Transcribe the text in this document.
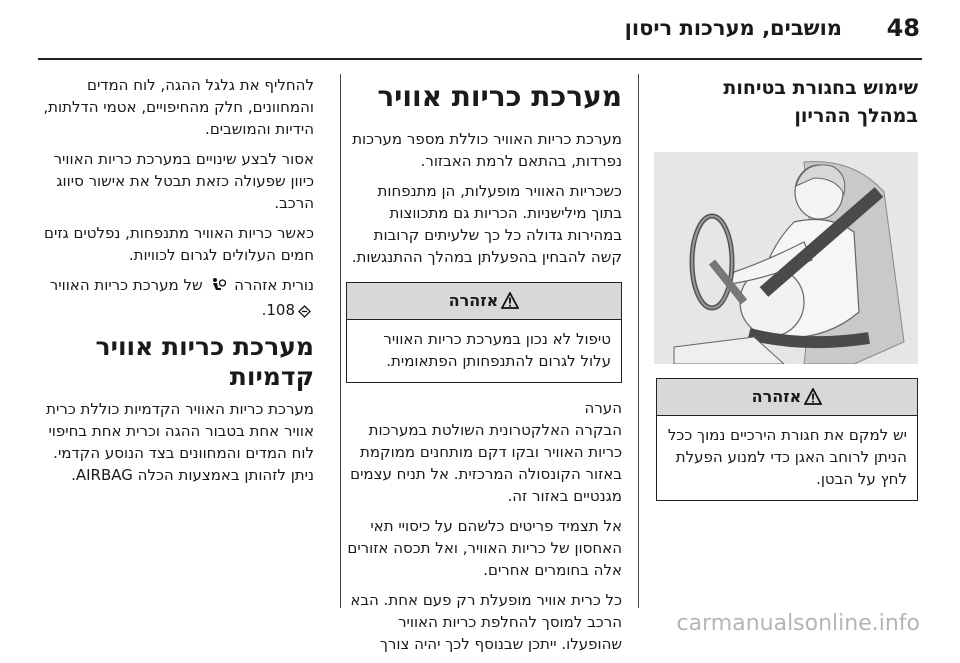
48
מושבים, מערכות ריסון
שימוש בחגורת בטיחות במהלך ההריון
אזהרה
יש למקם את חגורת הירכיים נמוך ככל הניתן לרוחב האגן כדי למנוע הפעלת לחץ על הבטן.
מערכת כריות אוויר

מערכת כריות האוויר כוללת מספר מערכות נפרדות, בהתאם לרמת האבזור.

כשכריות האוויר מופעלות, הן מתנפחות בתוך מילישניות. הכריות גם מתכווצות במהירות גדולה כל כך שלעיתים קרובות קשה להבחין בהפעלתן במהלך ההתנגשות.

אזהרה
טיפול לא נכון במערכת כריות האוויר עלול לגרום להתנפחותן הפתאומית.

הערה
הבקרה האלקטרונית השולטת במערכות כריות האוויר ובקו דקם מותחנים ממוקמת באזור הקונסולה המרכזית. אל תניח עצמים מגנטיים באזור זה.

אל תצמיד פריטים כלשהם על כיסויי תאי האחסון של כריות האוויר, ואל תכסה אזורים אלה בחומרים אחרים.

כל כרית אוויר מופעלת רק פעם אחת. הבא הרכב למוסך להחלפת כריות האוויר שהופעלו. ייתכן שבנוסף לכך יהיה צורך

להחליף את גלגל ההגה, לוח המדים והמחוונים, חלק מהחיפויים, אטמי הדלתות, הידיות והמושבים.

אסור לבצע שינויים במערכת כריות האוויר כיוון שפעולה כזאת תבטל את אישור סיווג הרכב.

כאשר כריות האוויר מתנפחות, נפלטים גזים חמים העלולים לגרום לכוויות.

נורית אזהרה  של מערכת כריות האוויר 108.

מערכת כריות אוויר קדמיות

מערכת כריות האוויר הקדמיות כוללת כרית אוויר אחת בטבור ההגה וכרית אחת בחיפוי לוח המדים והמחוונים בצד הנוסע הקדמי. ניתן לזהותן באמצעות הכלה AIRBAG.

carmanualsonline.info
